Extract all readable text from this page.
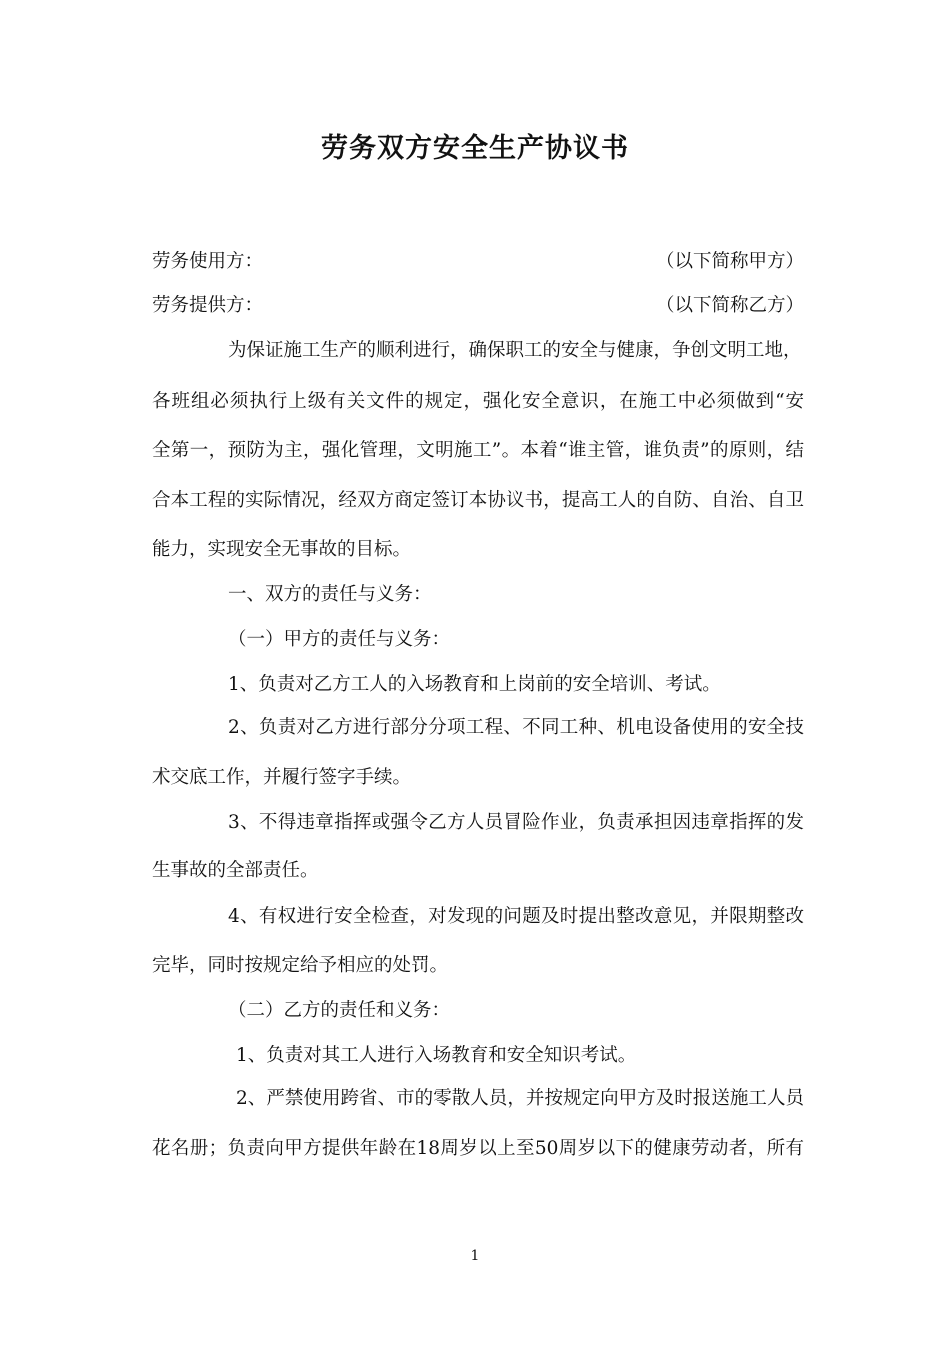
劳务双方安全生产协议书
劳务使用方：	（以下简称甲方）
劳务提供方：	（以下简称乙方）
为保证施工生产的顺利进行，确保职工的安全与健康，争创文明工地，
各班组必须执行上级有关文件的规定，强化安全意识，在施工中必须做到“安
全第一，预防为主，强化管理，文明施工”。本着“谁主管，谁负责”的原则，结
合本工程的实际情况，经双方商定签订本协议书，提高工人的自防、自治、自卫
能力，实现安全无事故的目标。
一、双方的责任与义务：
（一）甲方的责任与义务：
1、负责对乙方工人的入场教育和上岗前的安全培训、考试。
2、负责对乙方进行部分分项工程、不同工种、机电设备使用的安全技
术交底工作，并履行签字手续。
3、不得违章指挥或强令乙方人员冒险作业，负责承担因违章指挥的发
生事故的全部责任。
4、有权进行安全检查，对发现的问题及时提出整改意见，并限期整改
完毕，同时按规定给予相应的处罚。
（二）乙方的责任和义务：
1、负责对其工人进行入场教育和安全知识考试。
2、严禁使用跨省、市的零散人员，并按规定向甲方及时报送施工人员
花名册；负责向甲方提供年龄在18周岁以上至50周岁以下的健康劳动者，所有
1
